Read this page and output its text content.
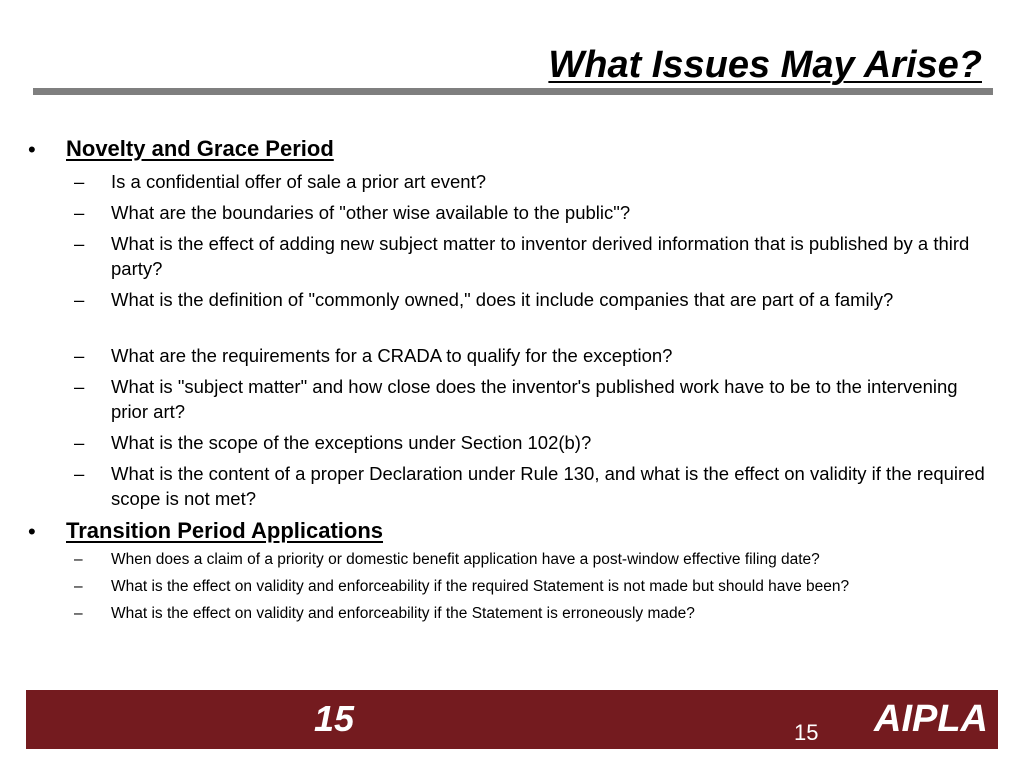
What Issues May Arise?
• Novelty and Grace Period
– Is a confidential offer of sale a prior art event?
– What are the boundaries of "other wise available to the public"?
– What is the effect of adding new subject matter to inventor derived information that is published by a third party?
– What is the definition of "commonly owned," does it include companies that are part of a family?
– What are the requirements for a CRADA to qualify for the exception?
– What is "subject matter" and how close does the inventor's published work have to be to the intervening prior art?
– What is the scope of the exceptions under Section 102(b)?
– What is the content of a proper Declaration under Rule 130, and what is the effect on validity if the required scope is not met?
• Transition Period Applications
– When does a claim of a priority or domestic benefit application have a post-window effective filing date?
– What is the effect on validity and enforceability if the required Statement is not made but should have been?
– What is the effect on validity and enforceability if the Statement is erroneously made?
15	15 AIPLA
